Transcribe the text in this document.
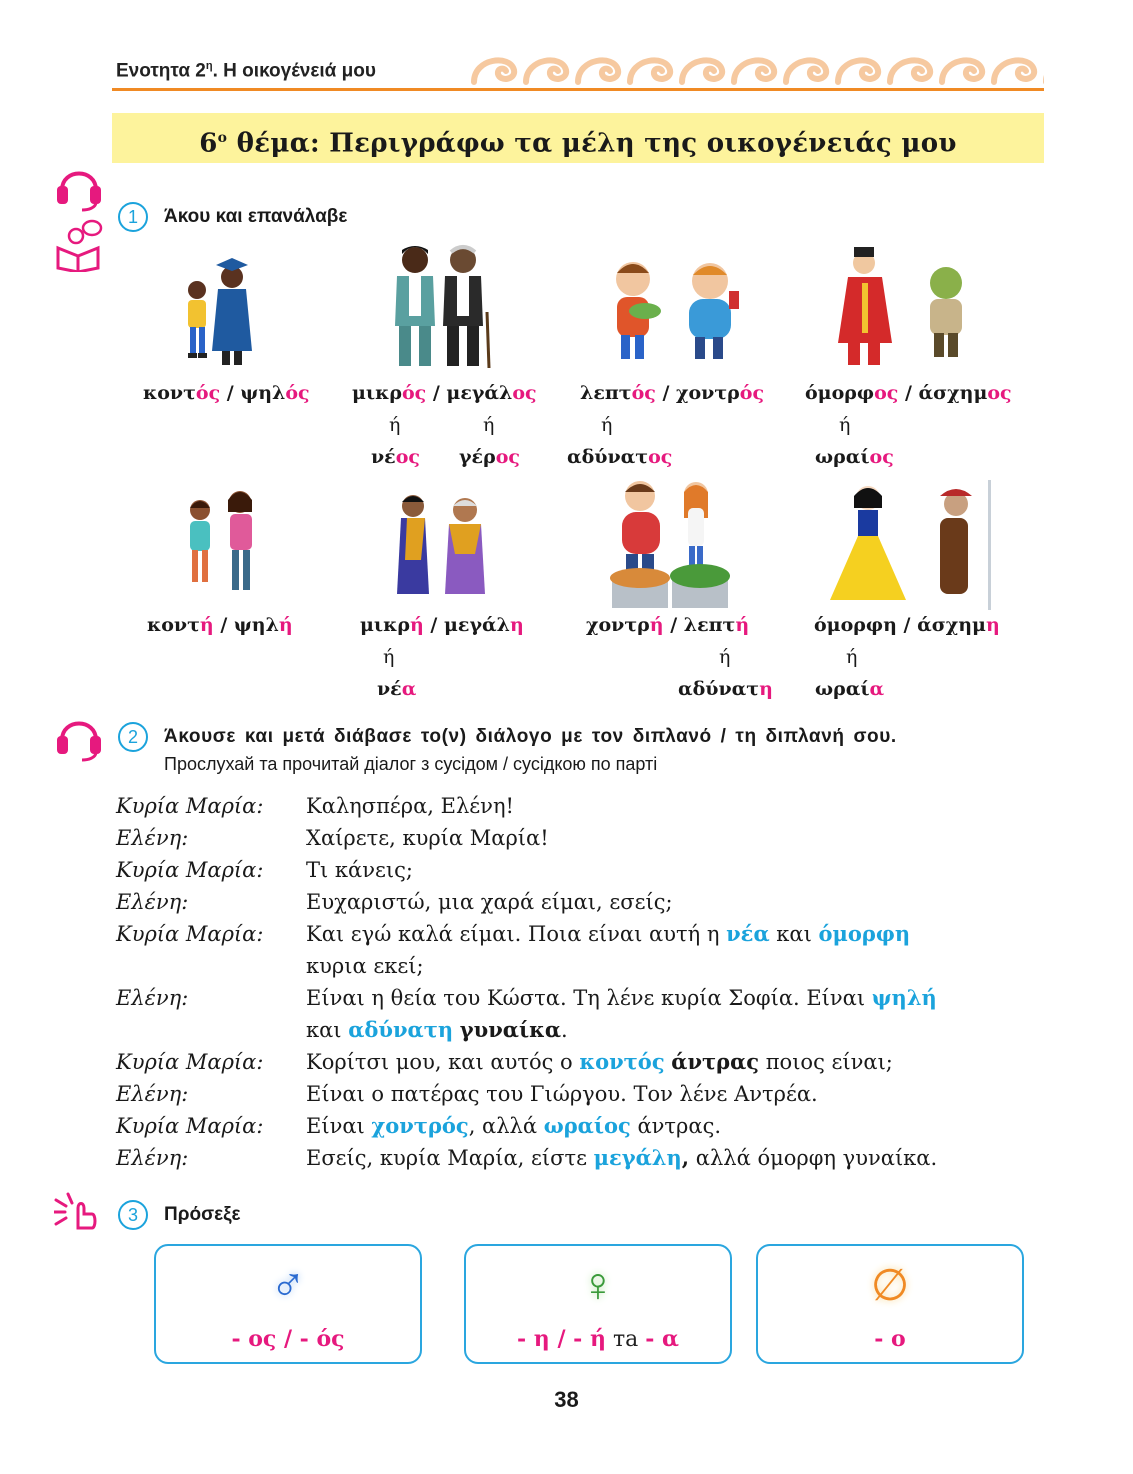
Ενοτητα $2^\eta$. Η οικογένειά μου
$6^o$ θέμα: Περιγράφω τα μέλη της οικογένειάς μου
1	Άκου και επανάλαβε
κοντός / ψηλός μικρός / μεγάλος
ή	ή
νέος γέρος
λεπτός / χοντρός
ή
αδύνατος
όμορφος / άσχημος
ή
ωραίος
κοντή / ψηλή	μικρή / μεγάλη
ή
νέα
χοντρή / λεπτή
ή
αδύνατη
όμορφη / άσχημη
ή
ωραία
2	Άκουσε και μετά διάβασε το(ν) διάλογο με τον διπλανό / τη διπλανή σου.
Прослухай та прочитай діалог з сусідом / сусідкою по парті
Κυρία Μαρία:	Καλησπέρα, Ελένη!
Ελένη:	Χαίρετε, κυρία Μαρία!
Κυρία Μαρία:	Τι κάνεις;
Ελένη:	Ευχαριστώ, μια χαρά είμαι, εσείς;
Κυρία Μαρία:	Και εγώ καλά είμαι. Ποια είναι αυτή η νέα και όμορφη
κυρια εκεί;
Ελένη:	Είναι η θεία του Κώστα. Τη λένε κυρία Σοφία. Είναι ψηλή
και αδύνατη γυναίκα.
Κυρία Μαρία:	Κορίτσι μου, και αυτός ο κοντός άντρας ποιος είναι;
Ελένη:	Είναι ο πατέρας του Γιώργου. Τον λένε Αντρέα.
Κυρία Μαρία:	Είναι χοντρός, αλλά ωραίος άντρας.
Ελένη:	Εσείς, κυρία Μαρία, είστε μεγάλη, αλλά όμορφη γυναίκα.
3	Πρόσεξε
♂
- ος / - ός
♀
- η / - ή та - α
∅
- ο
38
